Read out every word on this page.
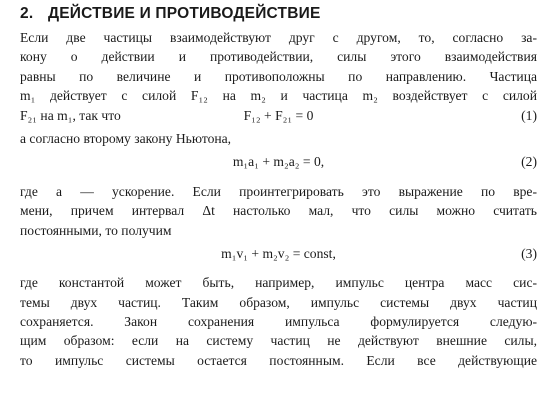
2. ДЕЙСТВИЕ И ПРОТИВОДЕЙСТВИЕ
Если две частицы взаимодействуют друг с другом, то, согласно за-
кону о действии и противодействии, силы этого взаимодействия
равны по величине и противоположны по направлению. Частица
m₁ действует с силой F₁₂ на m₂ и частица m₂ воздействует с силой
F₂₁ на m₁, так что	F₁₂ + F₂₁ = 0	(1)
а согласно второму закону Ньютона,
m₁a₁ + m₂a₂ = 0,	(2)
где a — ускорение. Если проинтегрировать это выражение по вре-
мени, причем интервал Δt настолько мал, что силы можно считать
постоянными, то получим
m₁v₁ + m₂v₂ = const,	(3)
где константой может быть, например, импульс центра масс сис-
темы двух частиц. Таким образом, импульс системы двух частиц
сохраняется. Закон сохранения импульса формулируется следую-
щим образом: если на систему частиц не действуют внешние силы,
то импульс системы остается постоянным. Если все действующие
